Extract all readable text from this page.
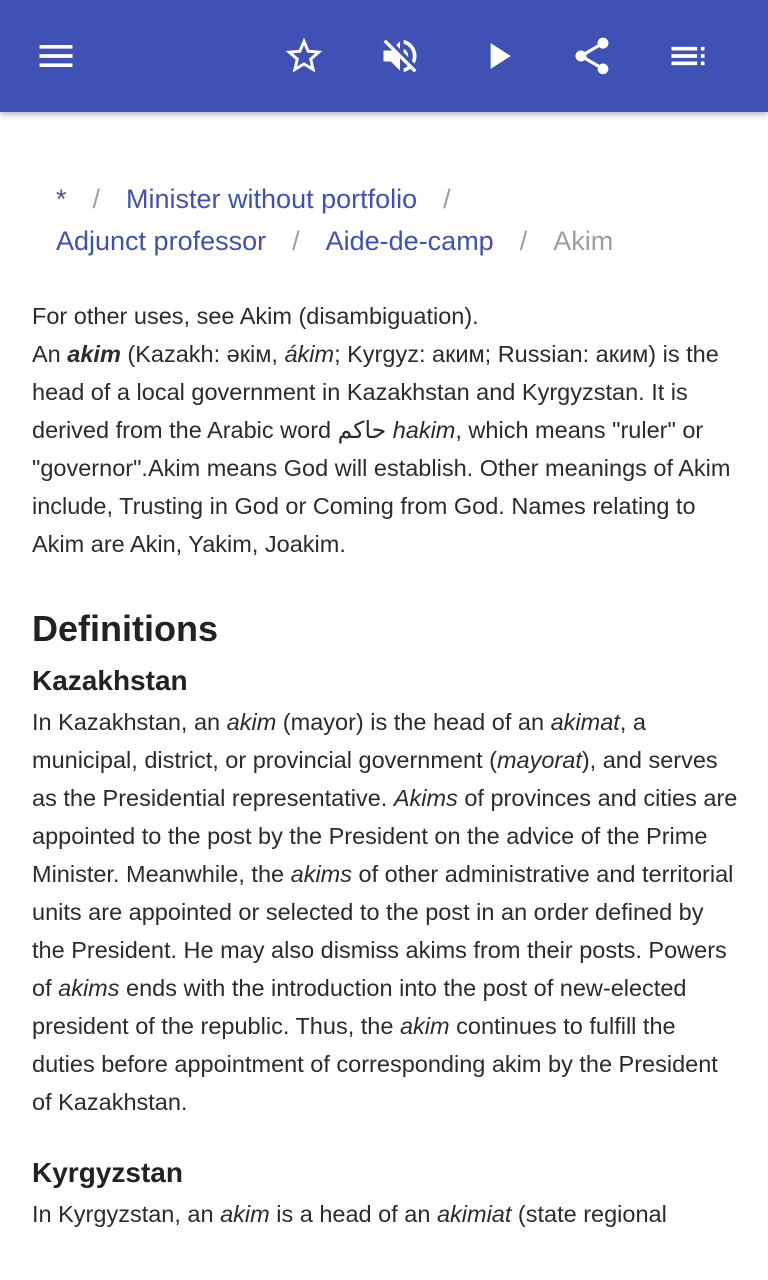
* / Minister without portfolio /
Adjunct professor / Aide-de-camp / Akim

For other uses, see Akim (disambiguation).

An akim (Kazakh: әкім, ákim; Kyrgyz: аким; Russian: аким) is the head of a local government in Kazakhstan and Kyrgyzstan. It is derived from the Arabic word حاكم hakim, which means "ruler" or "governor".Akim means God will establish. Other meanings of Akim include, Trusting in God or Coming from God. Names relating to Akim are Akin, Yakim, Joakim.

Definitions
Kazakhstan

In Kazakhstan, an akim (mayor) is the head of an akimat, a municipal, district, or provincial government (mayorat), and serves as the Presidential representative. Akims of provinces and cities are appointed to the post by the President on the advice of the Prime Minister. Meanwhile, the akims of other administrative and territorial units are appointed or selected to the post in an order defined by the President. He may also dismiss akims from their posts. Powers of akims ends with the introduction into the post of new-elected president of the republic. Thus, the akim continues to fulfill the duties before appointment of corresponding akim by the President of Kazakhstan.

Kyrgyzstan

In Kyrgyzstan, an akim is a head of an akimiat (state regional
